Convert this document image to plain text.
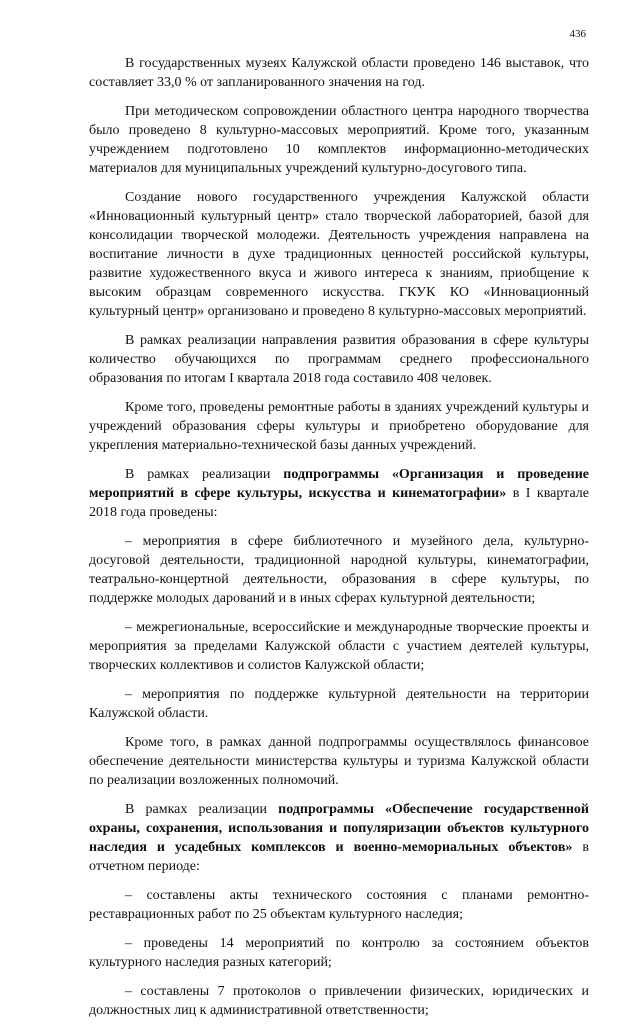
436

В государственных музеях Калужской области проведено 146 выставок, что составляет 33,0 % от запланированного значения на год.

При методическом сопровождении областного центра народного творчества было проведено 8 культурно-массовых мероприятий. Кроме того, указанным учреждением подготовлено 10 комплектов информационно-методических материалов для муниципальных учреждений культурно-досугового типа.

Создание нового государственного учреждения Калужской области «Инновационный культурный центр» стало творческой лабораторией, базой для консолидации творческой молодежи. Деятельность учреждения направлена на воспитание личности в духе традиционных ценностей российской культуры, развитие художественного вкуса и живого интереса к знаниям, приобщение к высоким образцам современного искусства. ГКУК КО «Инновационный культурный центр» организовано и проведено 8 культурно-массовых мероприятий.

В рамках реализации направления развития образования в сфере культуры количество обучающихся по программам среднего профессионального образования по итогам I квартала 2018 года составило 408 человек.

Кроме того, проведены ремонтные работы в зданиях учреждений культуры и учреждений образования сферы культуры и приобретено оборудование для укрепления материально-технической базы данных учреждений.

В рамках реализации подпрограммы «Организация и проведение мероприятий в сфере культуры, искусства и кинематографии» в I квартале 2018 года проведены:

– мероприятия в сфере библиотечного и музейного дела, культурно-досуговой деятельности, традиционной народной культуры, кинематографии, театрально-концертной деятельности, образования в сфере культуры, по поддержке молодых дарований и в иных сферах культурной деятельности;

– межрегиональные, всероссийские и международные творческие проекты и мероприятия за пределами Калужской области с участием деятелей культуры, творческих коллективов и солистов Калужской области;

– мероприятия по поддержке культурной деятельности на территории Калужской области.

Кроме того, в рамках данной подпрограммы осуществлялось финансовое обеспечение деятельности министерства культуры и туризма Калужской области по реализации возложенных полномочий.

В рамках реализации подпрограммы «Обеспечение государственной охраны, сохранения, использования и популяризации объектов культурного наследия и усадебных комплексов и военно-мемориальных объектов» в отчетном периоде:

– составлены акты технического состояния с планами ремонтно-реставрационных работ по 25 объектам культурного наследия;

– проведены 14 мероприятий по контролю за состоянием объектов культурного наследия разных категорий;

– составлены 7 протоколов о привлечении физических, юридических и должностных лиц к административной ответственности;
